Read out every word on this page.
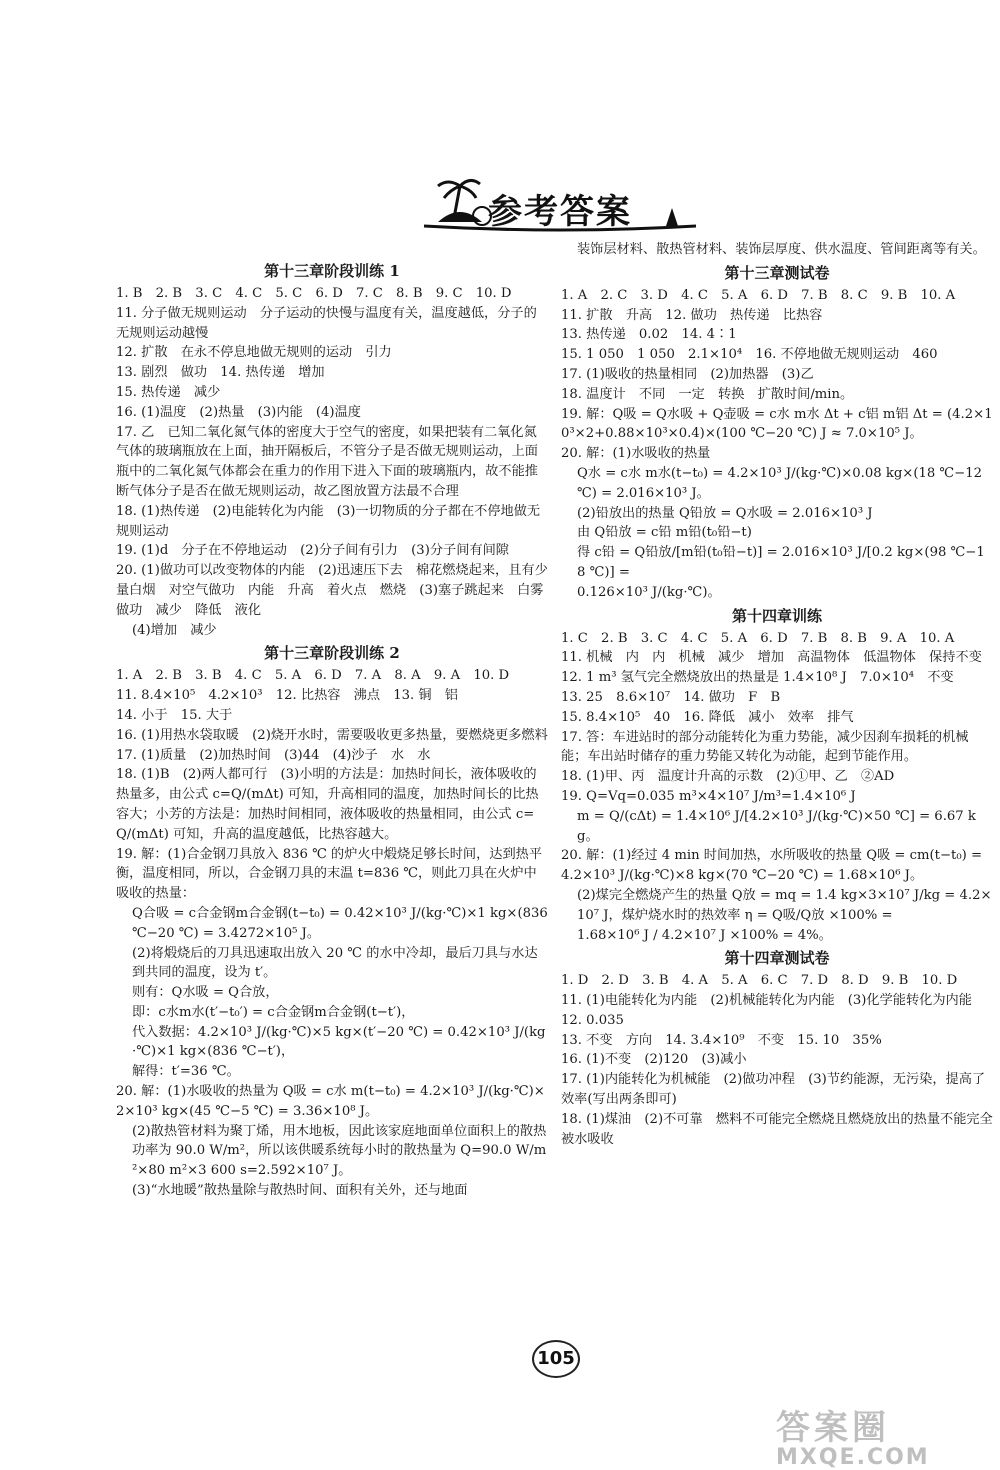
参考答案
第十三章阶段训练 1
1. B　2. B　3. C　4. C　5. C　6. D　7. C　8. B　9. C　10. D
11. 分子做无规则运动　分子运动的快慢与温度有关，温度越低，分子的无规则运动越慢
12. 扩散　在永不停息地做无规则的运动　引力
13. 剧烈　做功　14. 热传递　增加
15. 热传递　减少
16. (1)温度　(2)热量　(3)内能　(4)温度
17. 乙　已知二氧化氮气体的密度大于空气的密度，如果把装有二氧化氮气体的玻璃瓶放在上面，抽开隔板后，不管分子是否做无规则运动，上面瓶中的二氧化氮气体都会在重力的作用下进入下面的玻璃瓶内，故不能推断气体分子是否在做无规则运动，故乙图放置方法最不合理
18. (1)热传递　(2)电能转化为内能　(3)一切物质的分子都在不停地做无规则运动
19. (1)d　分子在不停地运动　(2)分子间有引力　(3)分子间有间隙
20. (1)做功可以改变物体的内能　(2)迅速压下去　棉花燃烧起来，且有少量白烟　对空气做功　内能　升高　着火点　燃烧　(3)塞子跳起来　白雾　做功　减少　降低　液化
(4)增加　减少
第十三章阶段训练 2
1. A　2. B　3. B　4. C　5. A　6. D　7. A　8. A　9. A　10. D
11. 8.4×10⁵　4.2×10³　12. 比热容　沸点　13. 铜　铝
14. 小于　15. 大于
16. (1)用热水袋取暖　(2)烧开水时，需要吸收更多热量，要燃烧更多燃料
17. (1)质量　(2)加热时间　(3)44　(4)沙子　水　水
18. (1)B　(2)两人都可行　(3)小明的方法是：加热时间长，液体吸收的热量多，由公式 c=Q/(mΔt) 可知，升高相同的温度，加热时间长的比热容大；小芳的方法是：加热时间相同，液体吸收的热量相同，由公式 c=Q/(mΔt) 可知，升高的温度越低，比热容越大。
19. 解：(1)合金钢刀具放入 836 ℃ 的炉火中煅烧足够长时间，达到热平衡，温度相同，所以，合金钢刀具的末温 t=836 ℃，则此刀具在火炉中吸收的热量：
Q合吸 = c合金钢m合金钢(t−t₀) = 0.42×10³ J/(kg·℃)×1 kg×(836 ℃−20 ℃) = 3.4272×10⁵ J。
(2)将煅烧后的刀具迅速取出放入 20 ℃ 的水中冷却，最后刀具与水达到共同的温度，设为 t′。
则有：Q水吸 = Q合放，
即：c水m水(t′−t₀′) = c合金钢m合金钢(t−t′)，
代入数据：4.2×10³ J/(kg·℃)×5 kg×(t′−20 ℃) = 0.42×10³ J/(kg·℃)×1 kg×(836 ℃−t′)，
解得：t′=36 ℃。
20. 解：(1)水吸收的热量为 Q吸 = c水 m(t−t₀) = 4.2×10³ J/(kg·℃)×2×10³ kg×(45 ℃−5 ℃) = 3.36×10⁸ J。
(2)散热管材料为聚丁烯，用木地板，因此该家庭地面单位面积上的散热功率为 90.0 W/m²，所以该供暖系统每小时的散热量为 Q=90.0 W/m²×80 m²×3 600 s=2.592×10⁷ J。
(3)“水地暖”散热量除与散热时间、面积有关外，还与地面
装饰层材料、散热管材料、装饰层厚度、供水温度、管间距离等有关。
第十三章测试卷
1. A　2. C　3. D　4. C　5. A　6. D　7. B　8. C　9. B　10. A
11. 扩散　升高　12. 做功　热传递　比热容
13. 热传递　0.02　14. 4∶1
15. 1 050　1 050　2.1×10⁴　16. 不停地做无规则运动　460
17. (1)吸收的热量相同　(2)加热器　(3)乙
18. 温度计　不同　一定　转换　扩散时间/min。
19. 解：Q吸 = Q水吸 + Q壶吸 = c水 m水 Δt + c铝 m铝 Δt = (4.2×10³×2+0.88×10³×0.4)×(100 ℃−20 ℃) J ≈ 7.0×10⁵ J。
20. 解：(1)水吸收的热量
Q水 = c水 m水(t−t₀) = 4.2×10³ J/(kg·℃)×0.08 kg×(18 ℃−12 ℃) = 2.016×10³ J。
(2)铅放出的热量 Q铅放 = Q水吸 = 2.016×10³ J
由 Q铅放 = c铅 m铅(t₀铅−t)
得 c铅 = Q铅放/[m铅(t₀铅−t)] = 2.016×10³ J/[0.2 kg×(98 ℃−18 ℃)] =
0.126×10³ J/(kg·℃)。
第十四章训练
1. C　2. B　3. C　4. C　5. A　6. D　7. B　8. B　9. A　10. A
11. 机械　内　内　机械　减少　增加　高温物体　低温物体　保持不变
12. 1 m³ 氢气完全燃烧放出的热量是 1.4×10⁸ J　7.0×10⁴　不变
13. 25　8.6×10⁷　14. 做功　F　B
15. 8.4×10⁵　40　16. 降低　减小　效率　排气
17. 答：车进站时的部分动能转化为重力势能，减少因刹车损耗的机械能；车出站时储存的重力势能又转化为动能，起到节能作用。
18. (1)甲、丙　温度计升高的示数　(2)①甲、乙　②AD
19. Q=Vq=0.035 m³×4×10⁷ J/m³=1.4×10⁶ J
m = Q/(cΔt) = 1.4×10⁶ J/[4.2×10³ J/(kg·℃)×50 ℃] = 6.67 kg。
20. 解：(1)经过 4 min 时间加热，水所吸收的热量 Q吸 = cm(t−t₀) = 4.2×10³ J/(kg·℃)×8 kg×(70 ℃−20 ℃) = 1.68×10⁶ J。
(2)煤完全燃烧产生的热量 Q放 = mq = 1.4 kg×3×10⁷ J/kg = 4.2×10⁷ J，煤炉烧水时的热效率 η = Q吸/Q放 ×100% =
1.68×10⁶ J / 4.2×10⁷ J ×100% = 4%。
第十四章测试卷
1. D　2. D　3. B　4. A　5. A　6. C　7. D　8. D　9. B　10. D
11. (1)电能转化为内能　(2)机械能转化为内能　(3)化学能转化为内能
12. 0.035
13. 不变　方向　14. 3.4×10⁹　不变　15. 10　35%
16. (1)不变　(2)120　(3)减小
17. (1)内能转化为机械能　(2)做功冲程　(3)节约能源，无污染，提高了效率(写出两条即可)
18. (1)煤油　(2)不可靠　燃料不可能完全燃烧且燃烧放出的热量不能完全被水吸收
105
答案圈
MXQE.COM
